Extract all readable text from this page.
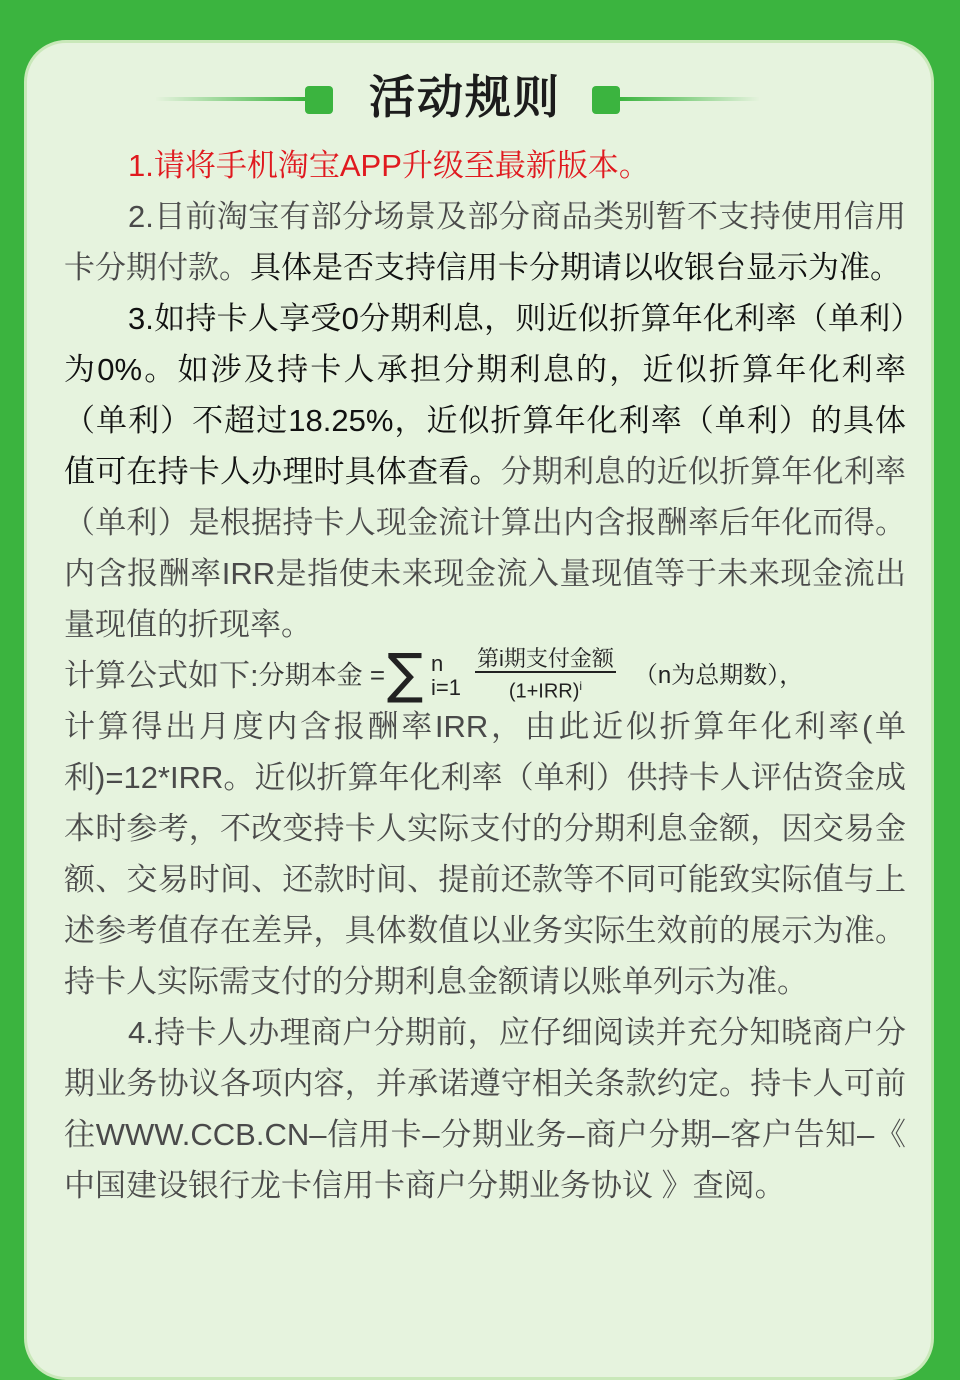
活动规则

1.请将手机淘宝APP升级至最新版本。

2.目前淘宝有部分场景及部分商品类别暂不支持使用信用卡分期付款。具体是否支持信用卡分期请以收银台显示为准。

3.如持卡人享受0分期利息，则近似折算年化利率（单利）为0%。如涉及持卡人承担分期利息的，近似折算年化利率（单利）不超过18.25%，近似折算年化利率（单利）的具体值可在持卡人办理时具体查看。分期利息的近似折算年化利率（单利）是根据持卡人现金流计算出内含报酬率后年化而得。内含报酬率IRR是指使未来现金流入量现值等于未来现金流出量现值的折现率。

计算公式如下: 分期本金 = ∑ n
$i=1 \frac{\text{第i期支付金额}}{(1+IRR)^i} (n$为总期数），

计算得出月度内含报酬率IRR，由此近似折算年化利率(单利)=12*IRR。近似折算年化利率（单利）供持卡人评估资金成本时参考，不改变持卡人实际支付的分期利息金额，因交易金额、交易时间、还款时间、提前还款等不同可能致实际值与上述参考值存在差异，具体数值以业务实际生效前的展示为准。持卡人实际需支付的分期利息金额请以账单列示为准。

4.持卡人办理商户分期前，应仔细阅读并充分知晓商户分期业务协议各项内容，并承诺遵守相关条款约定。持卡人可前往WWW.CCB.CN–信用卡–分期业务–商户分期–客户告知–《 中国建设银行龙卡信用卡商户分期业务协议 》查阅。
